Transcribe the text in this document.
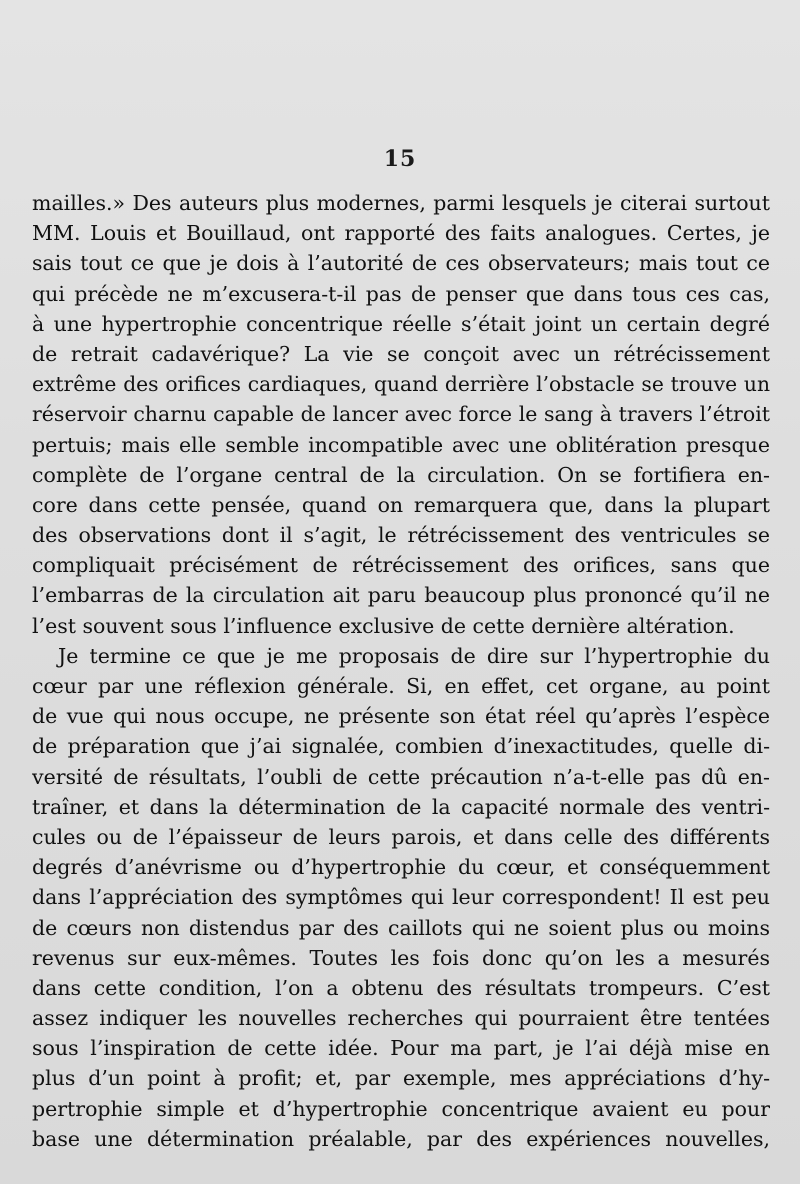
15
mailles.» Des auteurs plus modernes, parmi lesquels je citerai surtout
MM. Louis et Bouillaud, ont rapporté des faits analogues. Certes, je
sais tout ce que je dois à l’autorité de ces observateurs; mais tout ce
qui précède ne m’excusera-t-il pas de penser que dans tous ces cas,
à une hypertrophie concentrique réelle s’était joint un certain degré
de retrait cadavérique? La vie se conçoit avec un rétrécissement
extrême des orifices cardiaques, quand derrière l’obstacle se trouve un
réservoir charnu capable de lancer avec force le sang à travers l’étroit
pertuis; mais elle semble incompatible avec une oblitération presque
complète de l’organe central de la circulation. On se fortifiera en-
core dans cette pensée, quand on remarquera que, dans la plupart
des observations dont il s’agit, le rétrécissement des ventricules se
compliquait précisément de rétrécissement des orifices, sans que
l’embarras de la circulation ait paru beaucoup plus prononcé qu’il ne
l’est souvent sous l’influence exclusive de cette dernière altération.
Je termine ce que je me proposais de dire sur l’hypertrophie du
cœur par une réflexion générale. Si, en effet, cet organe, au point
de vue qui nous occupe, ne présente son état réel qu’après l’espèce
de préparation que j’ai signalée, combien d’inexactitudes, quelle di-
versité de résultats, l’oubli de cette précaution n’a-t-elle pas dû en-
traîner, et dans la détermination de la capacité normale des ventri-
cules ou de l’épaisseur de leurs parois, et dans celle des différents
degrés d’anévrisme ou d’hypertrophie du cœur, et conséquemment
dans l’appréciation des symptômes qui leur correspondent! Il est peu
de cœurs non distendus par des caillots qui ne soient plus ou moins
revenus sur eux-mêmes. Toutes les fois donc qu’on les a mesurés
dans cette condition, l’on a obtenu des résultats trompeurs. C’est
assez indiquer les nouvelles recherches qui pourraient être tentées
sous l’inspiration de cette idée. Pour ma part, je l’ai déjà mise en
plus d’un point à profit; et, par exemple, mes appréciations d’hy-
pertrophie simple et d’hypertrophie concentrique avaient eu pour
base une détermination préalable, par des expériences nouvelles,
